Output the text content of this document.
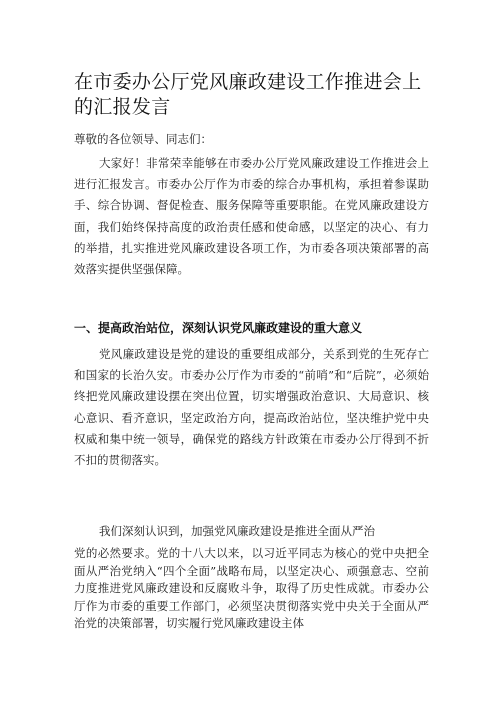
在市委办公厅党风廉政建设工作推进会上的汇报发言
尊敬的各位领导、同志们：
大家好！非常荣幸能够在市委办公厅党风廉政建设工作推进会上进行汇报发言。市委办公厅作为市委的综合办事机构，承担着参谋助手、综合协调、督促检查、服务保障等重要职能。在党风廉政建设方面，我们始终保持高度的政治责任感和使命感，以坚定的决心、有力的举措，扎实推进党风廉政建设各项工作，为市委各项决策部署的高效落实提供坚强保障。
一、提高政治站位，深刻认识党风廉政建设的重大意义
党风廉政建设是党的建设的重要组成部分，关系到党的生死存亡和国家的长治久安。市委办公厅作为市委的“前哨”和“后院”，必须始终把党风廉政建设摆在突出位置，切实增强政治意识、大局意识、核心意识、看齐意识，坚定政治方向，提高政治站位，坚决维护党中央权威和集中统一领导，确保党的路线方针政策在市委办公厅得到不折不扣的贯彻落实。
我们深刻认识到，加强党风廉政建设是推进全面从严治
党的必然要求。党的十八大以来，以习近平同志为核心的党中央把全面从严治党纳入“四个全面”战略布局，以坚定决心、顽强意志、空前力度推进党风廉政建设和反腐败斗争，取得了历史性成就。市委办公厅作为市委的重要工作部门，必须坚决贯彻落实党中央关于全面从严治党的决策部署，切实履行党风廉政建设主体
